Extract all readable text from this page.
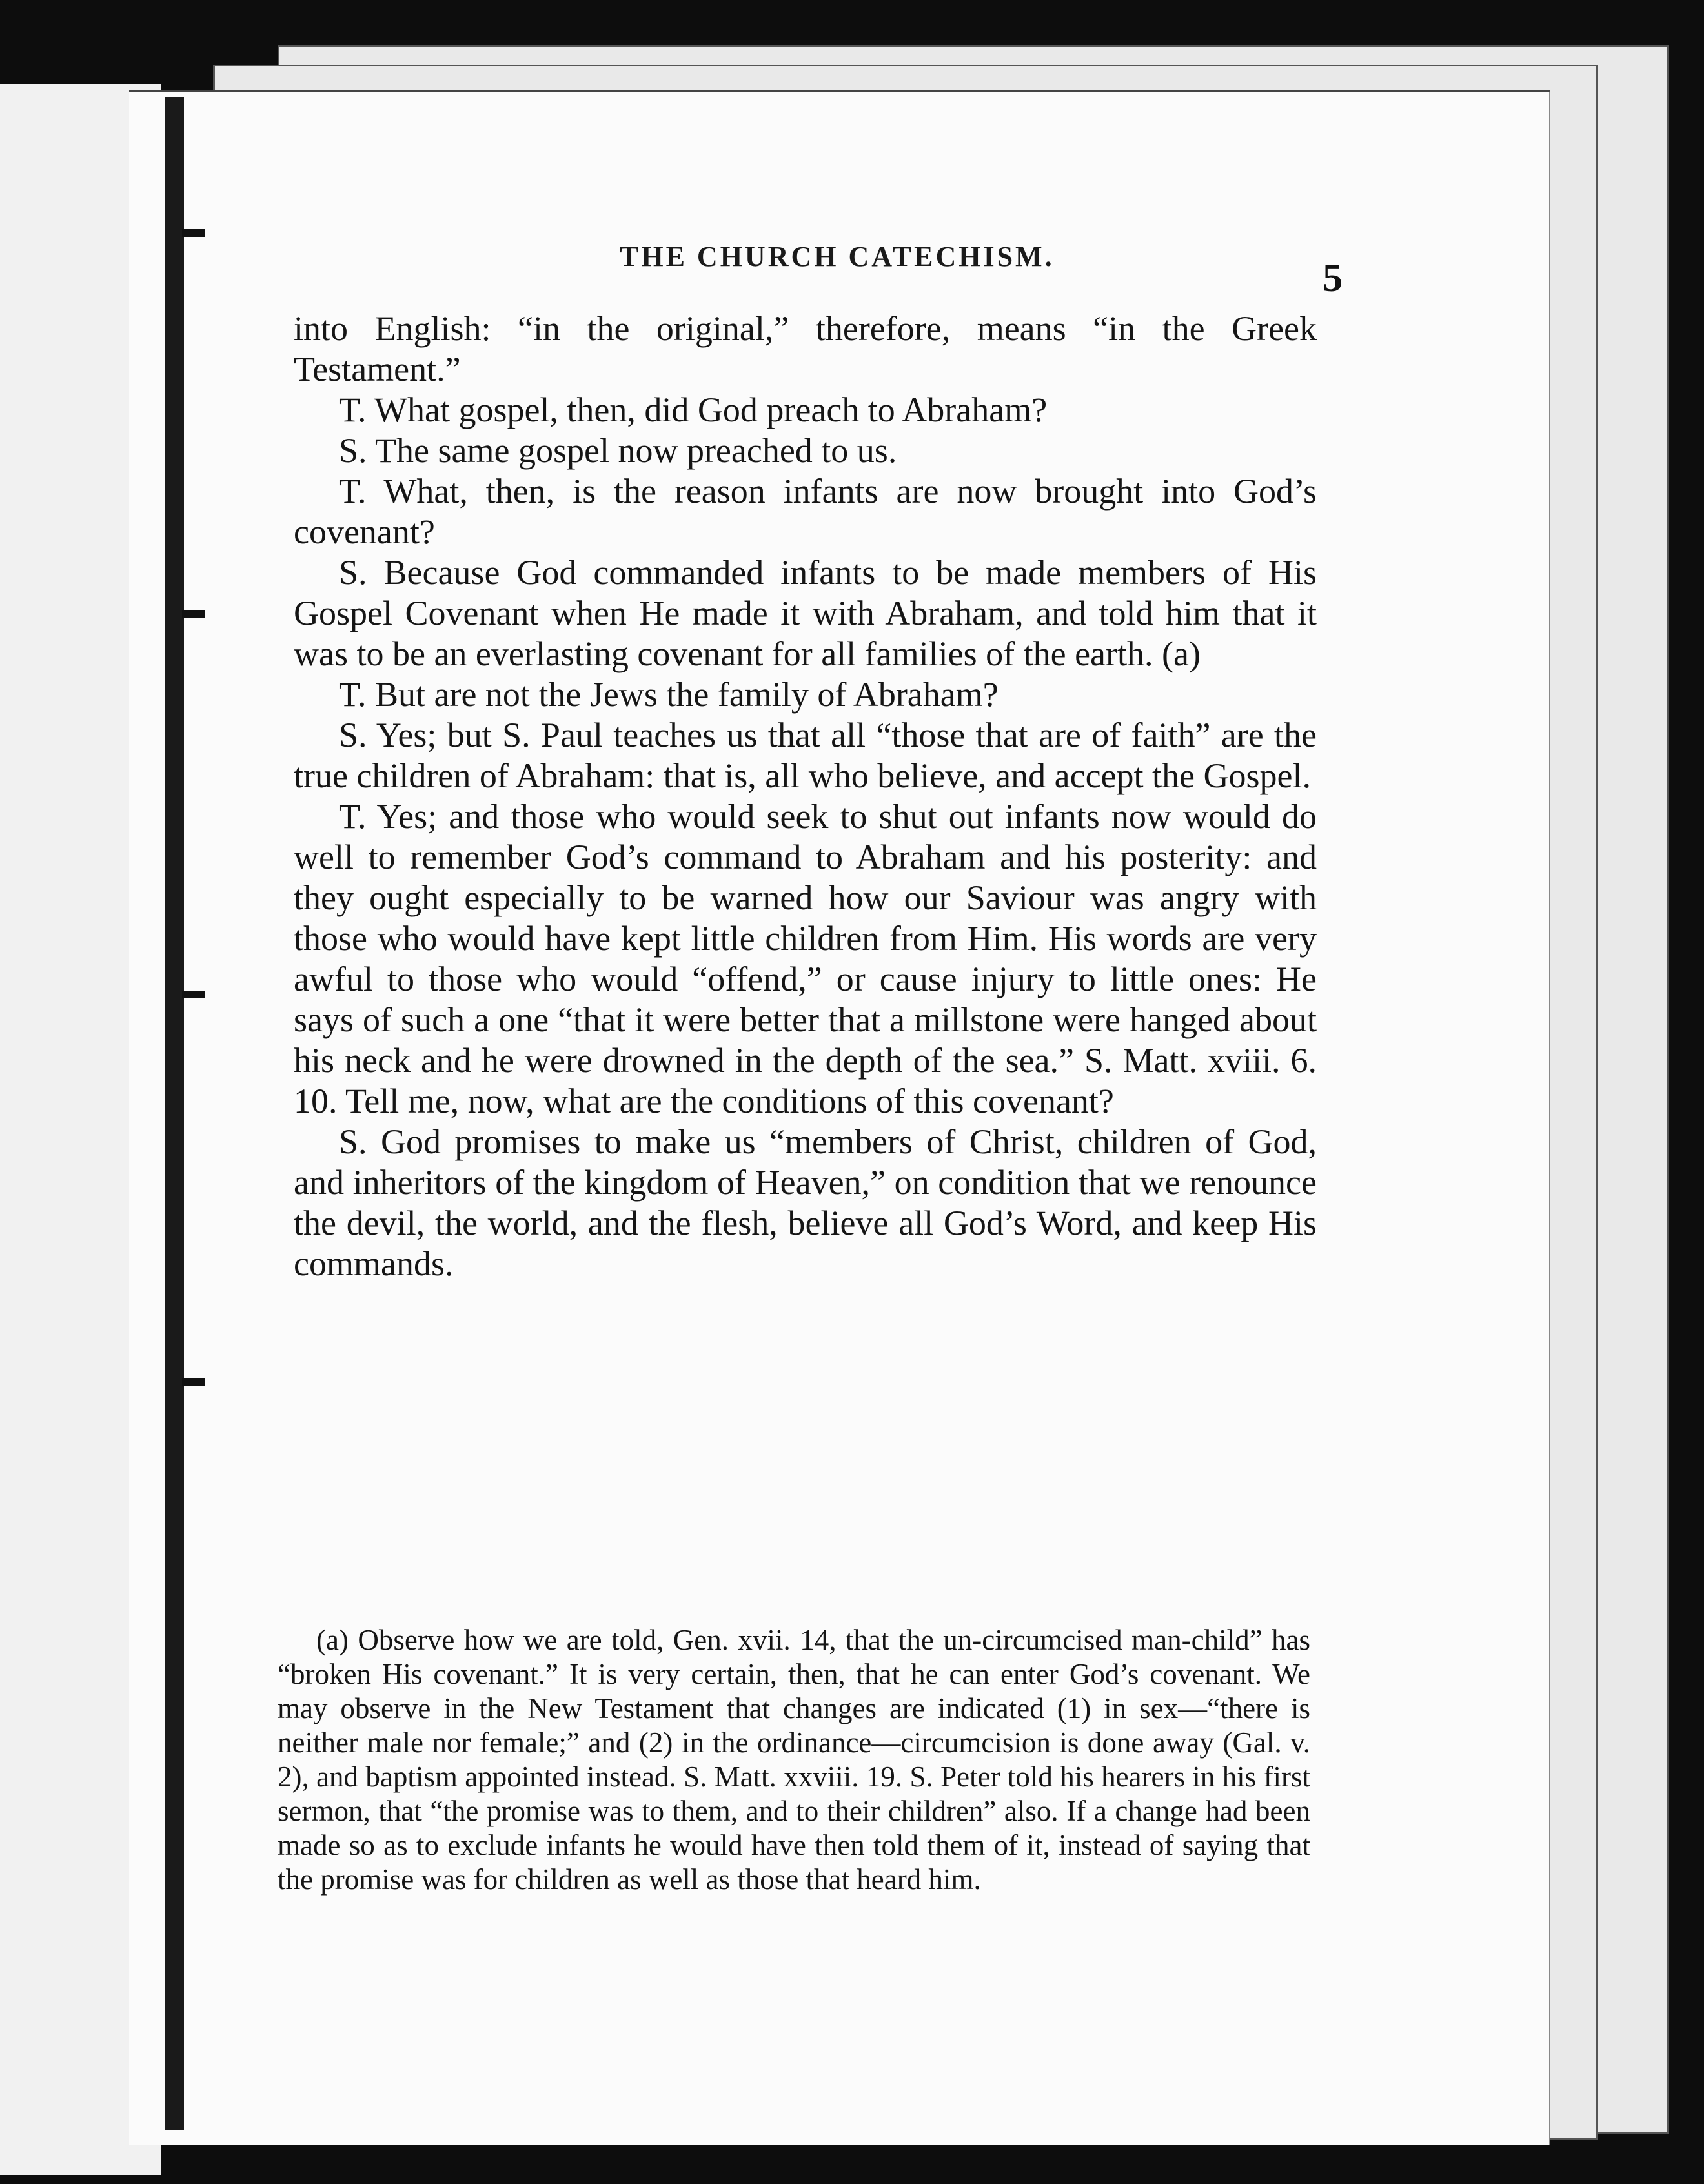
THE CHURCH CATECHISM.	5

into English: “in the original,” therefore, means “in the Greek Testament.”

T. What gospel, then, did God preach to Abraham?

S. The same gospel now preached to us.

T. What, then, is the reason infants are now brought into God’s covenant?

S. Because God commanded infants to be made members of His Gospel Covenant when He made it with Abraham, and told him that it was to be an everlasting covenant for all families of the earth. (a)

T. But are not the Jews the family of Abraham?

S. Yes; but S. Paul teaches us that all “those that are of faith” are the true children of Abraham: that is, all who believe, and accept the Gospel.

T. Yes; and those who would seek to shut out infants now would do well to remember God’s command to Abraham and his posterity: and they ought especially to be warned how our Saviour was angry with those who would have kept little children from Him. His words are very awful to those who would “offend,” or cause injury to little ones: He says of such a one “that it were better that a millstone were hanged about his neck and he were drowned in the depth of the sea.” S. Matt. xviii. 6. 10. Tell me, now, what are the conditions of this covenant?

S. God promises to make us “members of Christ, children of God, and inheritors of the kingdom of Heaven,” on condition that we renounce the devil, the world, and the flesh, believe all God’s Word, and keep His commands.

(a) Observe how we are told, Gen. xvii. 14, that the un-circumcised man-child” has “broken His covenant.” It is very certain, then, that he can enter God’s covenant. We may observe in the New Testament that changes are indicated (1) in sex—“there is neither male nor female;” and (2) in the ordinance—circumcision is done away (Gal. v. 2), and baptism appointed instead. S. Matt. xxviii. 19. S. Peter told his hearers in his first sermon, that “the promise was to them, and to their children” also. If a change had been made so as to exclude infants he would have then told them of it, instead of saying that the promise was for children as well as those that heard him.
